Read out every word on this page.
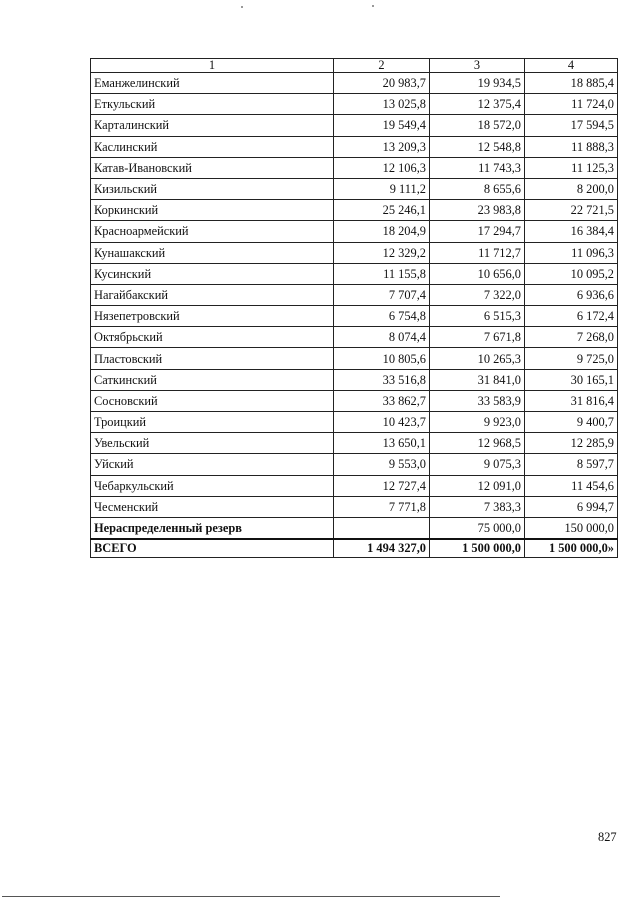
1	2	3	4
Еманжелинский	20 983,7	19 934,5	18 885,4
Еткульский	13 025,8	12 375,4	11 724,0
Карталинский	19 549,4	18 572,0	17 594,5
Каслинский	13 209,3	12 548,8	11 888,3
Катав-Ивановский	12 106,3	11 743,3	11 125,3
Кизильский	9 111,2	8 655,6	8 200,0
Коркинский	25 246,1	23 983,8	22 721,5
Красноармейский	18 204,9	17 294,7	16 384,4
Кунашакский	12 329,2	11 712,7	11 096,3
Кусинский	11 155,8	10 656,0	10 095,2
Нагайбакский	7 707,4	7 322,0	6 936,6
Нязепетровский	6 754,8	6 515,3	6 172,4
Октябрьский	8 074,4	7 671,8	7 268,0
Пластовский	10 805,6	10 265,3	9 725,0
Саткинский	33 516,8	31 841,0	30 165,1
Сосновский	33 862,7	33 583,9	31 816,4
Троицкий	10 423,7	9 923,0	9 400,7
Увельский	13 650,1	12 968,5	12 285,9
Уйский	9 553,0	9 075,3	8 597,7
Чебаркульский	12 727,4	12 091,0	11 454,6
Чесменский	7 771,8	7 383,3	6 994,7
Нераспределенный резерв		75 000,0	150 000,0
ВСЕГО	1 494 327,0	1 500 000,0	1 500 000,0»
827
